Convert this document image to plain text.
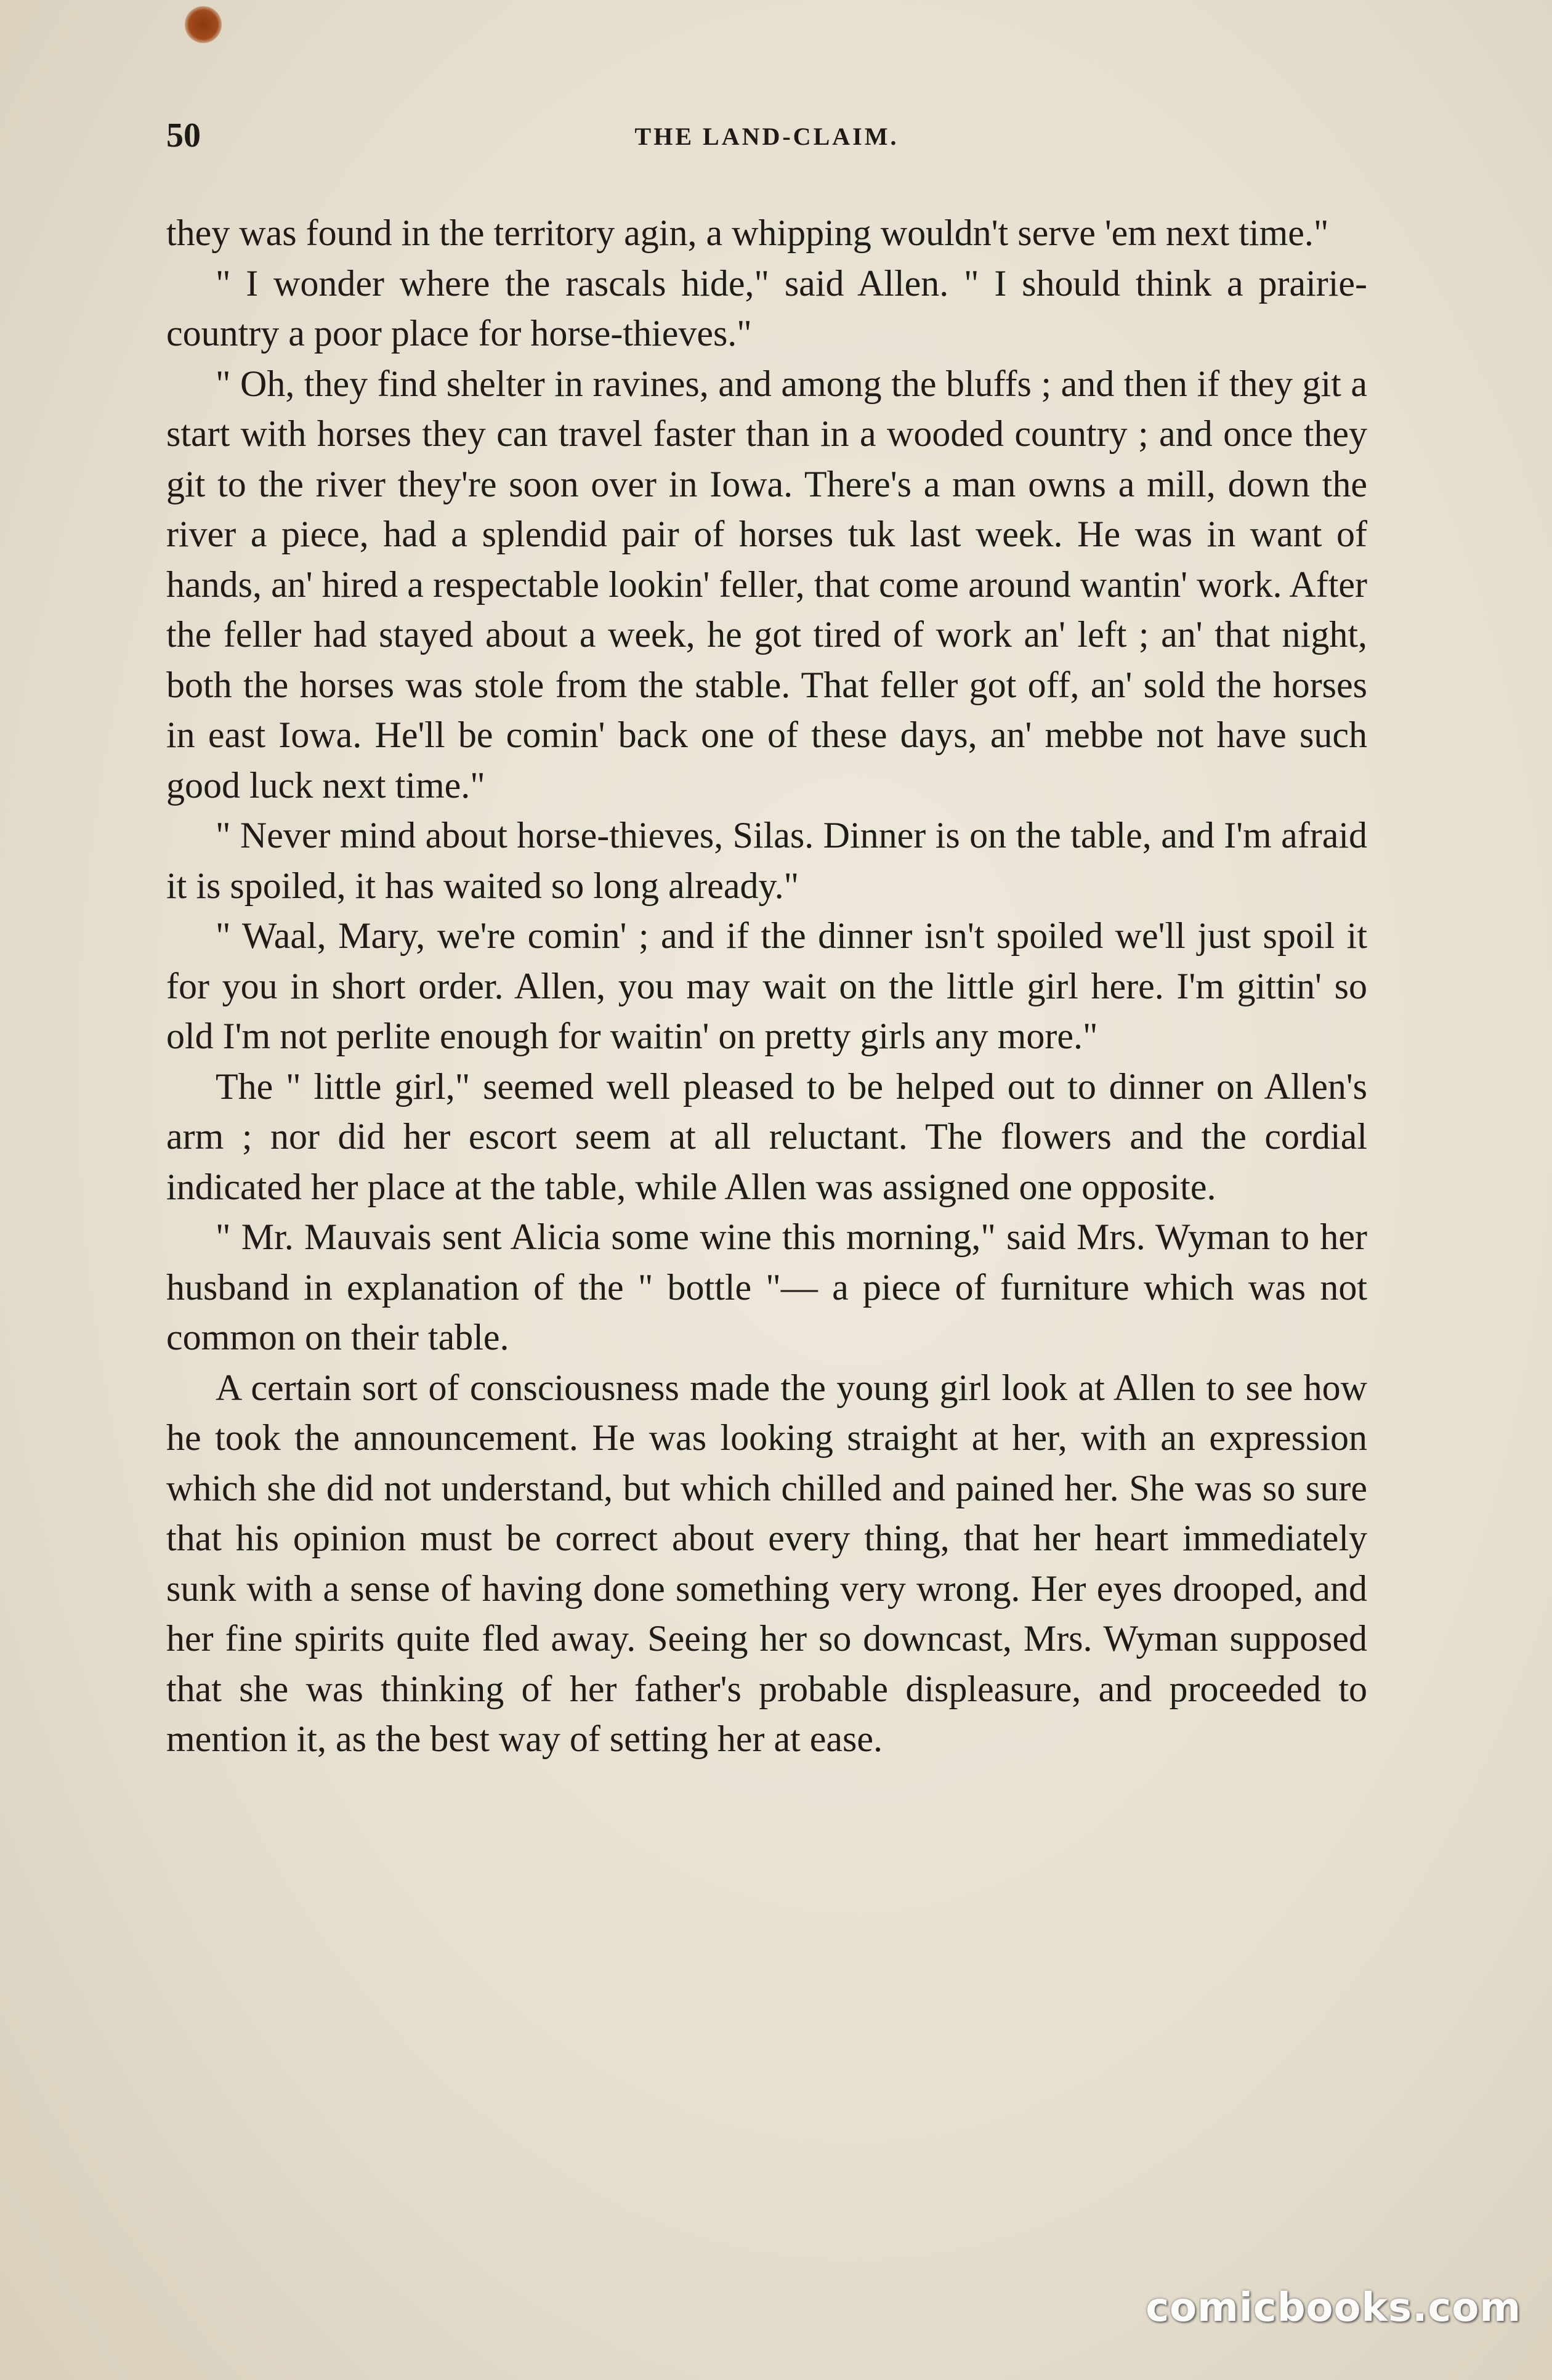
50	THE LAND-CLAIM.

they was found in the territory agin, a whipping wouldn't serve 'em next time."

" I wonder where the rascals hide," said Allen. " I should think a prairie-country a poor place for horse-thieves."

" Oh, they find shelter in ravines, and among the bluffs ; and then if they git a start with horses they can travel faster than in a wooded country ; and once they git to the river they're soon over in Iowa. There's a man owns a mill, down the river a piece, had a splendid pair of horses tuk last week. He was in want of hands, an' hired a respectable lookin' feller, that come around wantin' work. After the feller had stayed about a week, he got tired of work an' left ; an' that night, both the horses was stole from the stable. That feller got off, an' sold the horses in east Iowa. He'll be comin' back one of these days, an' mebbe not have such good luck next time."

" Never mind about horse-thieves, Silas. Dinner is on the table, and I'm afraid it is spoiled, it has waited so long already."

" Waal, Mary, we're comin' ; and if the dinner isn't spoiled we'll just spoil it for you in short order. Allen, you may wait on the little girl here. I'm gittin' so old I'm not perlite enough for waitin' on pretty girls any more."

The " little girl," seemed well pleased to be helped out to dinner on Allen's arm ; nor did her escort seem at all reluctant. The flowers and the cordial indicated her place at the table, while Allen was assigned one opposite.

" Mr. Mauvais sent Alicia some wine this morning," said Mrs. Wyman to her husband in explanation of the " bottle "— a piece of furniture which was not common on their table.

A certain sort of consciousness made the young girl look at Allen to see how he took the announcement. He was looking straight at her, with an expression which she did not understand, but which chilled and pained her. She was so sure that his opinion must be correct about every thing, that her heart immediately sunk with a sense of having done something very wrong. Her eyes drooped, and her fine spirits quite fled away. Seeing her so downcast, Mrs. Wyman supposed that she was thinking of her father's probable displeasure, and proceeded to mention it, as the best way of setting her at ease.

comicbooks.com
